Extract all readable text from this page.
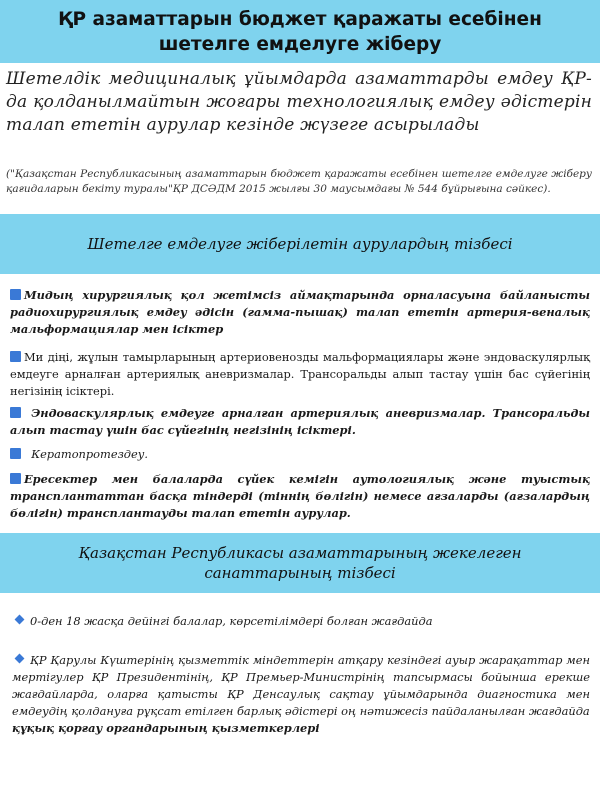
ҚР азаматтарын бюджет қаражаты есебінен
шетелге емделуге жіберу
Шетелдік медициналық ұйымдарда азаматтарды емдеу ҚР-да қолданылмайтын жоғары технологиялық емдеу әдістерін талап ететін аурулар кезінде жүзеге асырылады
("Қазақстан Республикасының азаматтарын бюджет қаражаты есебінен шетелге емделуге жіберу қағидаларын бекіту туралы"ҚР ДСӘДМ 2015 жылғы 30 маусымдағы № 544 бұйрығына сәйкес).
Шетелге емделуге жіберілетін аурулардың тізбесі
Мидың хирургиялық қол жетімсіз аймақтарында орналасуына байланысты радиохирургиялық емдеу әдісін (гамма-пышақ) талап ететін артерия-веналық мальформациялар мен ісіктер
Ми діңі, жұлын тамырларының артериовенозды мальформациялары және эндоваскулярлық емдеуге арналған артериялық аневризмалар. Трансоральды алып тастау үшін бас сүйегінің негізінің ісіктері.
Эндоваскулярлық емдеуге арналған артериялық аневризмалар. Трансоральды алып тастау үшін бас сүйегінің негізінің ісіктері.
Кератопротездеу.
Ересектер мен балаларда сүйек кемігін аутологиялық және туыстық трансплантаттан басқа тіндерді (тіннің бөлігін) немесе ағзаларды (ағзалардың бөлігін) трансплантауды талап ететін аурулар.
Қазақстан Республикасы азаматтарының жекелеген
санаттарының тізбесі
0-ден 18 жасқа дейінгі балалар, көрсетілімдері болған жағдайда
ҚР Қарулы Күштерінің қызметтік міндеттерін атқару кезіндегі ауыр жарақаттар мен мертігулер ҚР Президентінің, ҚР Премьер-Министрінің тапсырмасы бойынша ерекше жағдайларда, оларға қатысты ҚР Денсаулық сақтау ұйымдарында диагностика мен емдеудің қолдануға рұқсат етілген барлық әдістері оң нәтижесіз пайдаланылған жағдайда
құқық қорғау органдарының қызметкерлері
